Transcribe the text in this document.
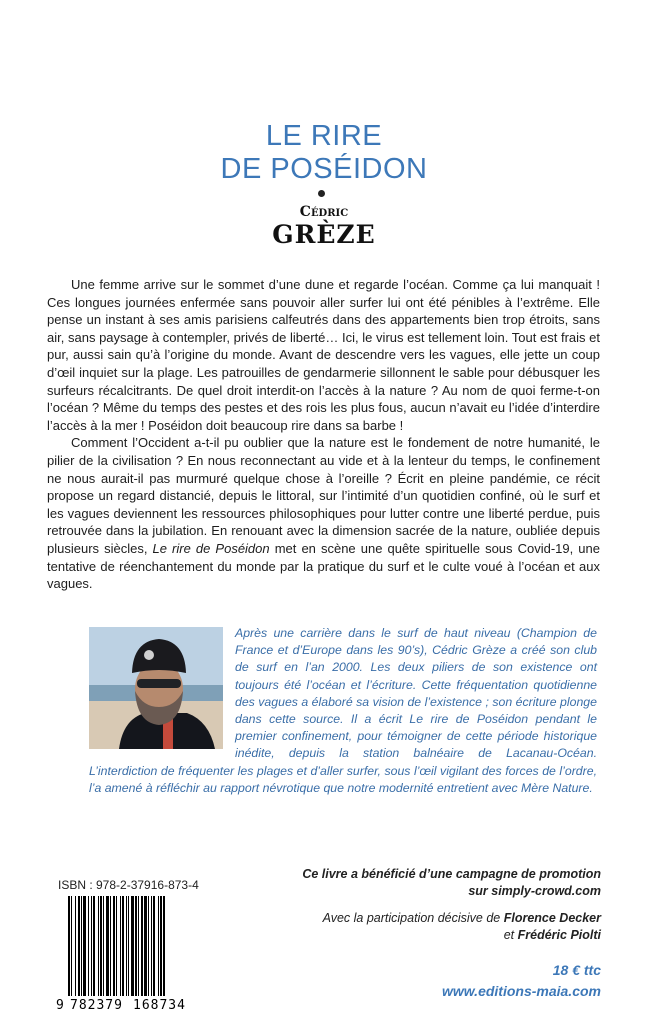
LE RIRE
DE POSÉIDON
Cédric
GRÈZE

Une femme arrive sur le sommet d’une dune et regarde l’océan. Comme ça lui manquait ! Ces longues journées enfermée sans pouvoir aller surfer lui ont été pénibles à l’extrême. Elle pense un instant à ses amis parisiens calfeutrés dans des appartements bien trop étroits, sans air, sans paysage à contempler, privés de liberté… Ici, le virus est tellement loin. Tout est frais et pur, aussi sain qu’à l’origine du monde. Avant de descendre vers les vagues, elle jette un coup d’œil inquiet sur la plage. Les patrouilles de gendarmerie sillonnent le sable pour débusquer les surfeurs récalcitrants. De quel droit interdit-on l’accès à la nature ? Au nom de quoi ferme-t-on l’océan ? Même du temps des pestes et des rois les plus fous, aucun n’avait eu l’idée d’interdire l’accès à la mer ! Poséidon doit beaucoup rire dans sa barbe !

Comment l’Occident a-t-il pu oublier que la nature est le fondement de notre humanité, le pilier de la civilisation ? En nous reconnectant au vide et à la lenteur du temps, le confinement ne nous aurait-il pas murmuré quelque chose à l’oreille ? Écrit en pleine pandémie, ce récit propose un regard distancié, depuis le littoral, sur l’intimité d’un quotidien confiné, où le surf et les vagues deviennent les ressources philosophiques pour lutter contre une liberté perdue, puis retrouvée dans la jubilation. En renouant avec la dimension sacrée de la nature, oubliée depuis plusieurs siècles, Le rire de Poséidon met en scène une quête spirituelle sous Covid-19, une tentative de réenchantement du monde par la pratique du surf et le culte voué à l’océan et aux vagues.

Après une carrière dans le surf de haut niveau (Champion de France et d’Europe dans les 90’s), Cédric Grèze a créé son club de surf en l’an 2000. Les deux piliers de son existence ont toujours été l’océan et l’écriture. Cette fréquentation quotidienne des vagues a élaboré sa vision de l’existence ; son écriture plonge dans cette source. Il a écrit Le rire de Poséidon pendant le premier confinement, pour témoigner de cette période historique inédite, depuis la station balnéaire de Lacanau-Océan. L’interdiction de fréquenter les plages et d’aller surfer, sous l’œil vigilant des forces de l’ordre, l’a amené à réfléchir au rapport névrotique que notre modernité entretient avec Mère Nature.
ISBN : 978-2-37916-873-4
9 782379 168734
Ce livre a bénéficié d’une campagne de promotion
sur simply-crowd.com
Avec la participation décisive de Florence Decker
et Frédéric Piolti
18 € ttc
www.editions-maia.com
